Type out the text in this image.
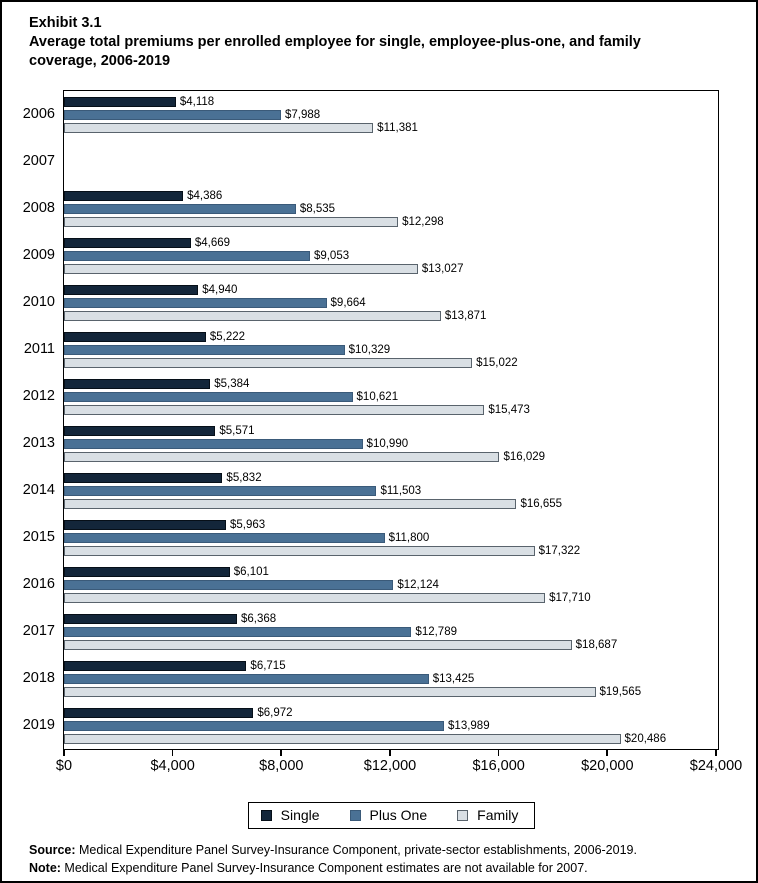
Exhibit 3.1
Average total premiums per enrolled employee for single, employee-plus-one, and family coverage, 2006-2019
2006
2007
2008
2009
2010
2011
2012
2013
2014
2015
2016
2017
2018
2019
$4,118
$7,988
$11,381
$4,386
$8,535
$12,298
$4,669
$9,053
$13,027
$4,940
$9,664
$13,871
$5,222
$10,329
$15,022
$5,384
$10,621
$15,473
$5,571
$10,990
$16,029
$5,832
$11,503
$16,655
$5,963
$11,800
$17,322
$6,101
$12,124
$17,710
$6,368
$12,789
$18,687
$6,715
$13,425
$19,565
$6,972
$13,989
$20,486
$0	$4,000	$8,000	$12,000	$16,000	$20,000	$24,000
Single	Plus One	Family
Source: Medical Expenditure Panel Survey-Insurance Component, private-sector establishments, 2006-2019.
Note: Medical Expenditure Panel Survey-Insurance Component estimates are not available for 2007.
